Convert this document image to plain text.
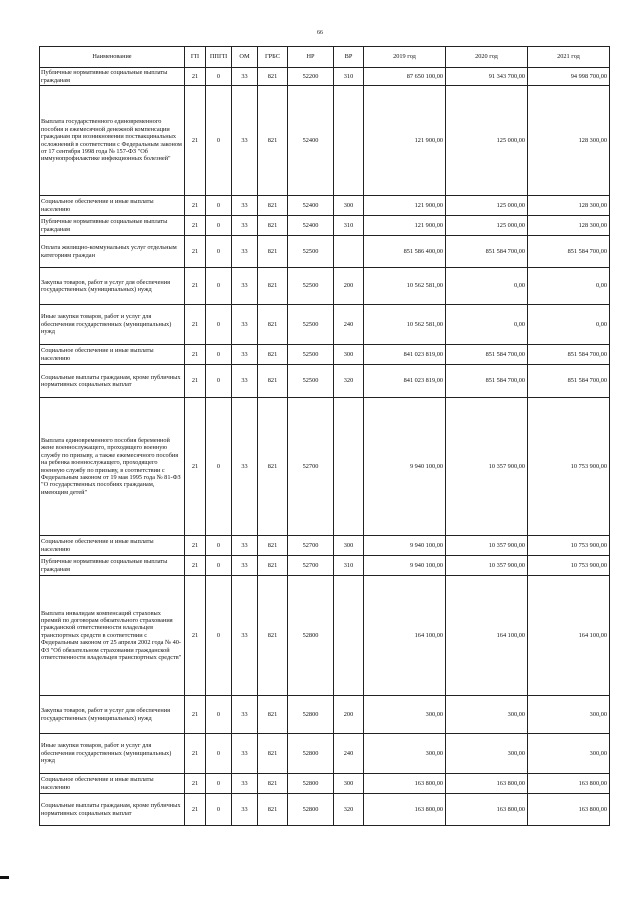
66
Наименование	ГП	ППГП	ОМ	ГРБС	НР	ВР	2019 год	2020 год	2021 год
Публичные нормативные социальные выплаты гражданам	21	0	33	821	52200	310	87 650 100,00	91 343 700,00	94 998 700,00
Выплата государственного единовременного пособия и ежемесячной денежной компенсации гражданам при возникновении поствакцинальных осложнений в соответствии с Федеральным законом от 17 сентября 1998 года № 157-ФЗ "Об иммунопрофилактике инфекционных болезней"	21	0	33	821	52400		121 900,00	125 000,00	128 300,00
Социальное обеспечение и иные выплаты населению	21	0	33	821	52400	300	121 900,00	125 000,00	128 300,00
Публичные нормативные социальные выплаты гражданам	21	0	33	821	52400	310	121 900,00	125 000,00	128 300,00
Оплата жилищно-коммунальных услуг отдельным категориям граждан	21	0	33	821	52500		851 586 400,00	851 584 700,00	851 584 700,00
Закупка товаров, работ и услуг для обеспечения государственных (муниципальных) нужд	21	0	33	821	52500	200	10 562 581,00	0,00	0,00
Иные закупки товаров, работ и услуг для обеспечения государственных (муниципальных) нужд	21	0	33	821	52500	240	10 562 581,00	0,00	0,00
Социальное обеспечение и иные выплаты населению	21	0	33	821	52500	300	841 023 819,00	851 584 700,00	851 584 700,00
Социальные выплаты гражданам, кроме публичных нормативных социальных выплат	21	0	33	821	52500	320	841 023 819,00	851 584 700,00	851 584 700,00
Выплата единовременного пособия беременной жене военнослужащего, проходящего военную службу по призыву, а также ежемесячного пособия на ребенка военнослужащего, проходящего военную службу по призыву, в соответствии с Федеральным законом от 19 мая 1995 года № 81-ФЗ "О государственных пособиях гражданам, имеющим детей"	21	0	33	821	52700		9 940 100,00	10 357 900,00	10 753 900,00
Социальное обеспечение и иные выплаты населению	21	0	33	821	52700	300	9 940 100,00	10 357 900,00	10 753 900,00
Публичные нормативные социальные выплаты гражданам	21	0	33	821	52700	310	9 940 100,00	10 357 900,00	10 753 900,00
Выплата инвалидам компенсаций страховых премий по договорам обязательного страхования гражданской ответственности владельцев транспортных средств в соответствии с Федеральным законом от 25 апреля 2002 года № 40-ФЗ "Об обязательном страховании гражданской ответственности владельцев транспортных средств"	21	0	33	821	52800		164 100,00	164 100,00	164 100,00
Закупка товаров, работ и услуг для обеспечения государственных (муниципальных) нужд	21	0	33	821	52800	200	300,00	300,00	300,00
Иные закупки товаров, работ и услуг для обеспечения государственных (муниципальных) нужд	21	0	33	821	52800	240	300,00	300,00	300,00
Социальное обеспечение и иные выплаты населению	21	0	33	821	52800	300	163 800,00	163 800,00	163 800,00
Социальные выплаты гражданам, кроме публичных нормативных социальных выплат	21	0	33	821	52800	320	163 800,00	163 800,00	163 800,00
